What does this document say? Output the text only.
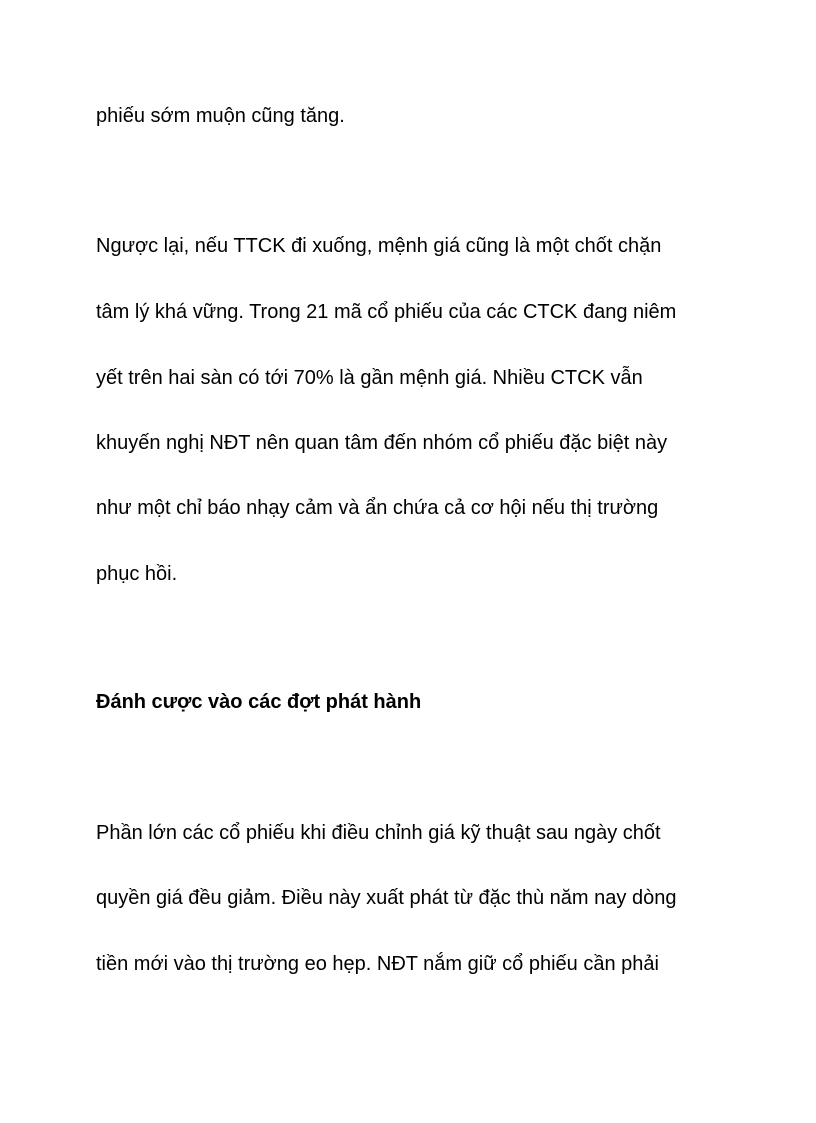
phiếu sớm muộn cũng tăng.
Ngược lại, nếu TTCK đi xuống, mệnh giá cũng là một chốt chặn
tâm lý khá vững. Trong 21 mã cổ phiếu của các CTCK đang niêm
yết trên hai sàn có tới 70% là gần mệnh giá. Nhiều CTCK vẫn
khuyến nghị NĐT nên quan tâm đến nhóm cổ phiếu đặc biệt này
như một chỉ báo nhạy cảm và ẩn chứa cả cơ hội nếu thị trường
phục hồi.
Đánh cược vào các đợt phát hành
Phần lớn các cổ phiếu khi điều chỉnh giá kỹ thuật sau ngày chốt
quyền giá đều giảm. Điều này xuất phát từ đặc thù năm nay dòng
tiền mới vào thị trường eo hẹp. NĐT nắm giữ cổ phiếu cần phải
